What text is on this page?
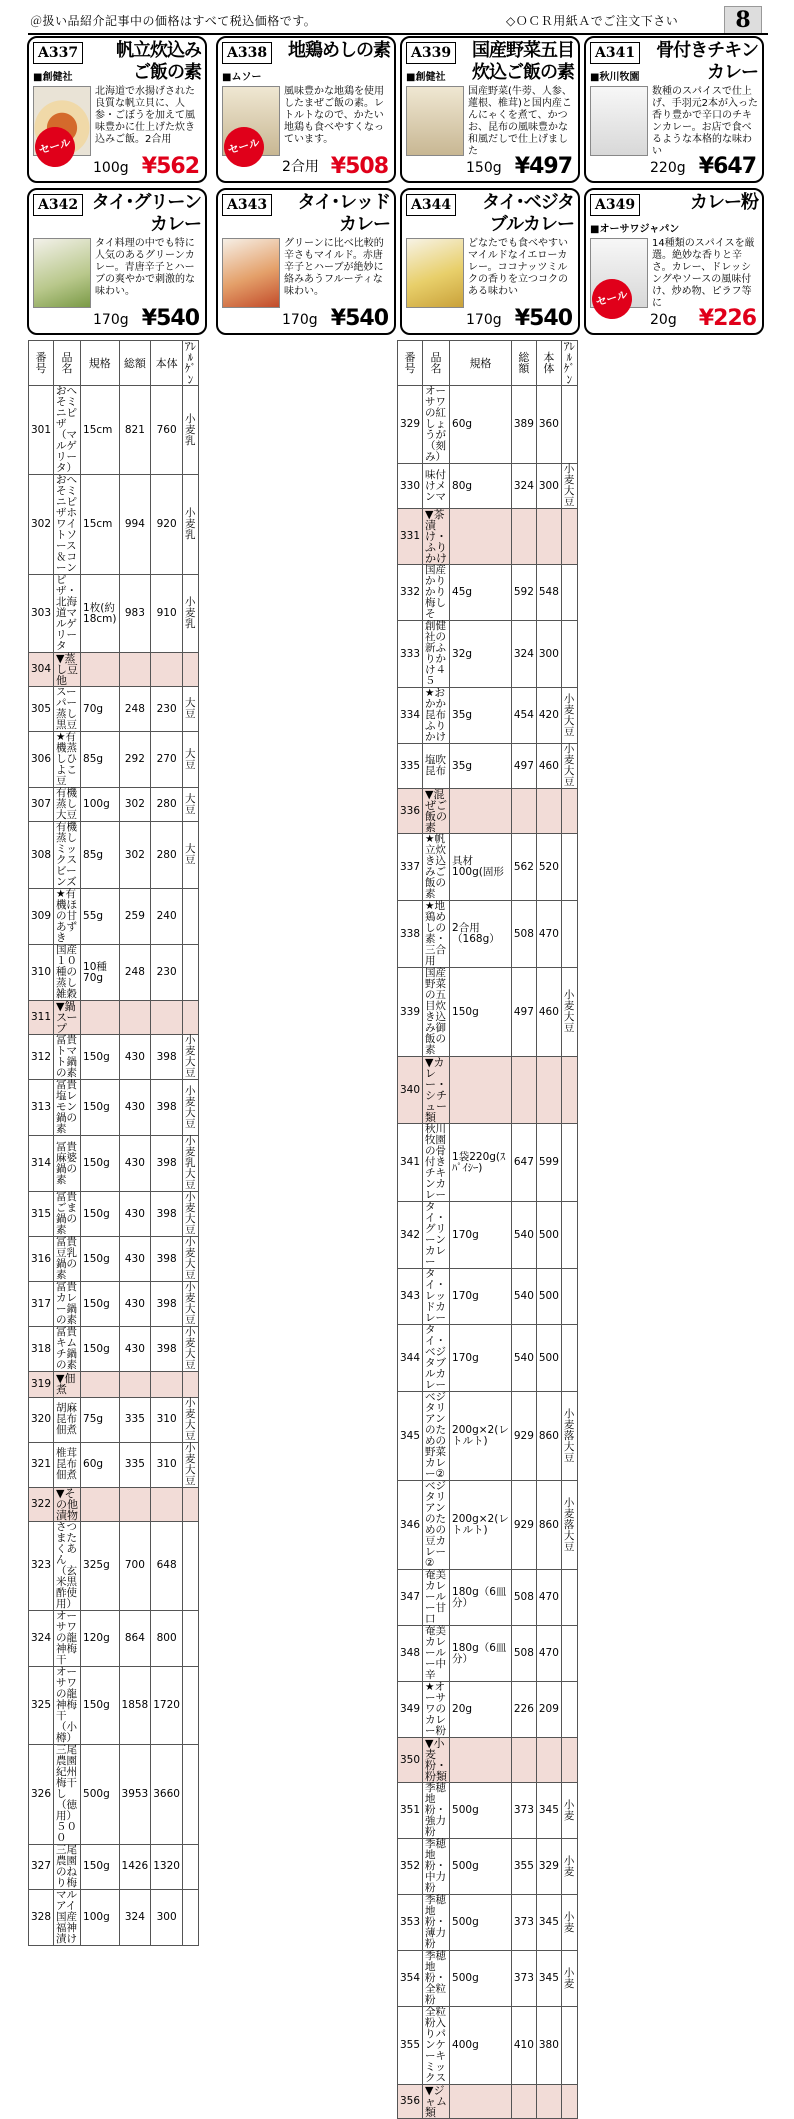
＠扱い品紹介記事中の価格はすべて税込価格です。	◇ＯＣＲ用紙Ａでご注文下さい	8
A337 帆立炊込み
ご飯の素
■創健社
北海道で水揚げされた良質な帆立貝に、人参・ごぼうを加えて風味豊かに仕上げた炊き込みご飯。2合用
100g ¥562
セール
A338 地鶏めしの素

■ムソー
風味豊かな地鶏を使用したまぜご飯の素。レトルトなので、かたい地鶏も食べやすくなっています。
2合用 ¥508
セール
A339 国産野菜五目
炊込ご飯の素
■創健社
国産野菜(牛蒡、人参、蓮根、椎茸)と国内産こんにゃくを煮て、かつお、昆布の風味豊かな和風だしで仕上げました
150g ¥497
A341 骨付きチキン
カレー
■秋川牧園
数種のスパイスで仕上げ、手羽元2本が入った香り豊かで辛口のチキンカレー。お店で食べるような本格的な味わい
220g ¥647
A342 タイ･グリーン
カレー
タイ料理の中でも特に人気のあるグリーンカレー。青唐辛子とハーブの爽やかで刺激的な味わい。
170g ¥540
A343 タイ･レッド
カレー
グリーンに比べ比較的辛さもマイルド。赤唐辛子とハーブが絶妙に絡みあうフルーティな味わい。
170g ¥540
A344 タイ･ベジタ
ブルカレー
どなたでも食べやすいマイルドなイエローカレー。ココナッツミルクの香りを立つコクのある味わい
170g ¥540
A349	カレー粉

■オーサワジャパン
14種類のスパイスを厳選。絶妙な香りと辛さ。カレー、ドレッシングやソースの風味付け、炒め物、ピラフ等に
20g ¥226
セール
番号	品　名	規格	総額	本体	ｱﾚﾙｹﾞﾝ
301	おへそミニピザ（マルゲリータ）	15cm	821	760	小麦乳
302	おへそミニピザホワイトソース＆コーン	15cm	994	920	小麦乳
303	ピザ・北海道マルゲリータ	1枚(約18cm)	983	910	小麦乳
304	▼蒸し豆他				
305	スーパー蒸し黒豆	70g	248	230	大豆
306	★有機蒸しひよこ豆	85g	292	270	大豆
307	有機蒸し大豆	100g	302	280	大豆
308	有機蒸しミックスビーンズ	85g	302	280	大豆
309	★有機ほの甘あずき	55g	259	240	
310	国産１０種の蒸し雑穀	10種70g	248	230	
311	▼鍋スープ				
312	冨貴トマト鍋の素	150g	430	398	小麦大豆
313	冨貴塩レモン鍋の素	150g	430	398	小麦大豆
314	冨貴麻婆鍋の素	150g	430	398	小麦乳大豆
315	冨貴ごま鍋の素	150g	430	398	小麦大豆
316	冨貴豆乳鍋の素	150g	430	398	小麦大豆
317	冨貴カレー鍋の素	150g	430	398	小麦大豆
318	冨貴キムチ鍋の素	150g	430	398	小麦大豆
319	▼佃煮				
320	胡麻昆布佃煮	75g	335	310	小麦大豆
321	椎茸昆布佃煮	60g	335	310	小麦大豆
322	▼その他漬物				
323	さつまたくあん（玄米黒酢使用）	325g	700	648	
324	オーサワの龍神梅干	120g	864	800	
325	オーサワの龍神梅干（小樽）	150g	1858	1720	
326	三尾農園　紀州梅干し（徳用）５００	500g	3953	3660	
327	三尾農園のねり梅	150g	1426	1320	
328	マルアイ国産福神漬け	100g	324	300	
番号	品　名	規格	総額	本体	ｱﾚﾙｹﾞﾝ
329	オーサワの紅しょうが（刻み）	60g	389	360	
330	味付けメンマ	80g	324	300	小麦大豆
331	▼茶漬け・ふりかけ				
332	国産かりかり梅しそ	45g	592	548	
333	創健社の新ふりかけ４５	32g	324	300	
334	★おかか昆布ふりかけ	35g	454	420	小麦大豆
335	塩吹昆布	35g	497	460	小麦大豆
336	▼混ぜご飯の素				
337	★帆立炊き込みご飯の素	具材100g(固形	562	520	
338	★地鶏めしの素・三合用	2合用（168g）	508	470	
339	国産野菜の五目炊き込み御飯の素	150g	497	460	小麦大豆
340	▼カレー・シチュー類				
341	秋川牧園の骨付きチキンカレー	1袋220g(ｽﾊﾟｲｼｰ)	647	599	
342	タイ・グリーンカレー	170g	540	500	
343	タイ・レッドカレー	170g	540	500	
344	タイ・ベジタブルカレー	170g	540	500	
345	ベジタリアンのための野菜カレー②	200g×2(レトルト)	929	860	小麦落大豆
346	ベジタリアンのための豆カレー②	200g×2(レトルト)	929	860	小麦落大豆
347	奄美カレールー甘口	180g（6皿分）	508	470	
348	奄美カレールー中辛	180g（6皿分）	508	470	
349	★オーサワのカレー粉	20g	226	209	
350	▼小麦粉・粉類				
351	季穂地粉・強力粉	500g	373	345	小麦
352	季穂地粉・中力粉	500g	355	329	小麦
353	季穂地粉・薄力粉	500g	373	345	小麦
354	季穂地粉・全粒粉	500g	373	345	小麦
355	全粒粉入りパンケーキミックス	400g	410	380	
356	▼ジャム類				
